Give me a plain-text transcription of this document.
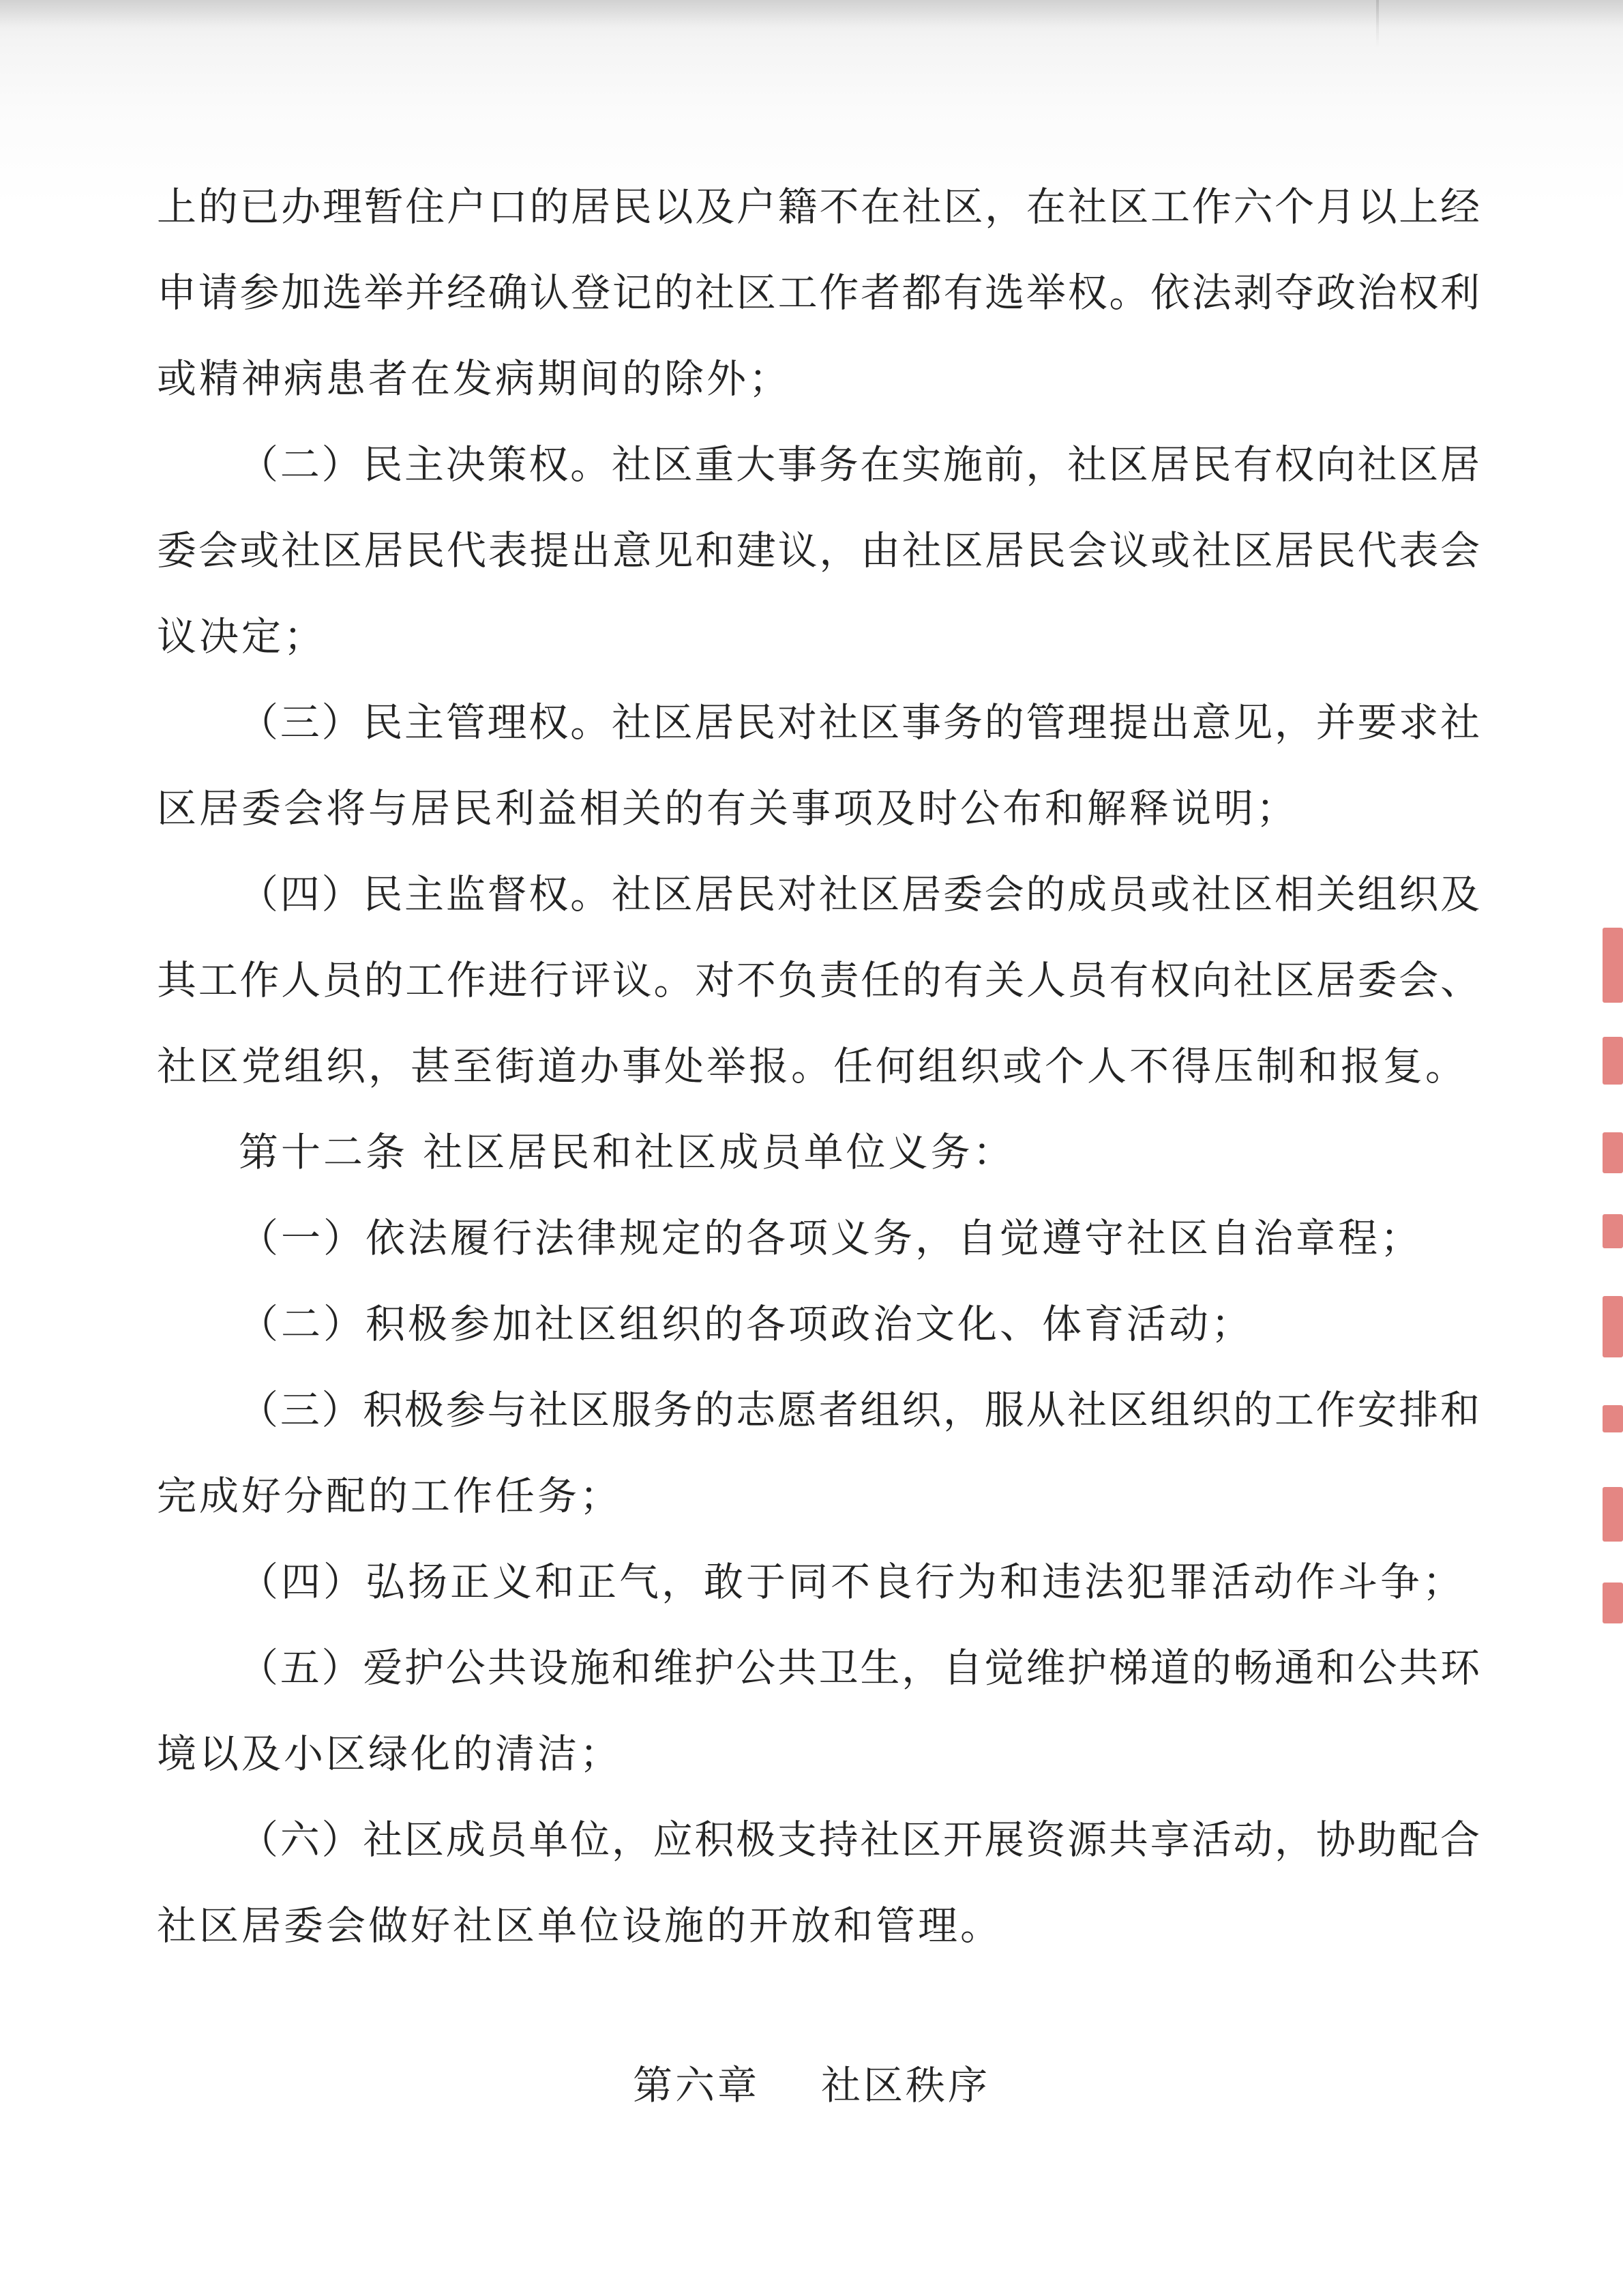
上的已办理暂住户口的居民以及户籍不在社区，在社区工作六个月以上经
申请参加选举并经确认登记的社区工作者都有选举权。依法剥夺政治权利
或精神病患者在发病期间的除外；
（二）民主决策权。社区重大事务在实施前，社区居民有权向社区居
委会或社区居民代表提出意见和建议，由社区居民会议或社区居民代表会
议决定；
（三）民主管理权。社区居民对社区事务的管理提出意见，并要求社
区居委会将与居民利益相关的有关事项及时公布和解释说明；
（四）民主监督权。社区居民对社区居委会的成员或社区相关组织及
其工作人员的工作进行评议。对不负责任的有关人员有权向社区居委会、
社区党组织，甚至街道办事处举报。任何组织或个人不得压制和报复。
第十二条 社区居民和社区成员单位义务：
（一）依法履行法律规定的各项义务，自觉遵守社区自治章程；
（二）积极参加社区组织的各项政治文化、体育活动；
（三）积极参与社区服务的志愿者组织，服从社区组织的工作安排和
完成好分配的工作任务；
（四）弘扬正义和正气，敢于同不良行为和违法犯罪活动作斗争；
（五）爱护公共设施和维护公共卫生，自觉维护梯道的畅通和公共环
境以及小区绿化的清洁；
（六）社区成员单位，应积极支持社区开展资源共享活动，协助配合
社区居委会做好社区单位设施的开放和管理。
第六章 社区秩序
